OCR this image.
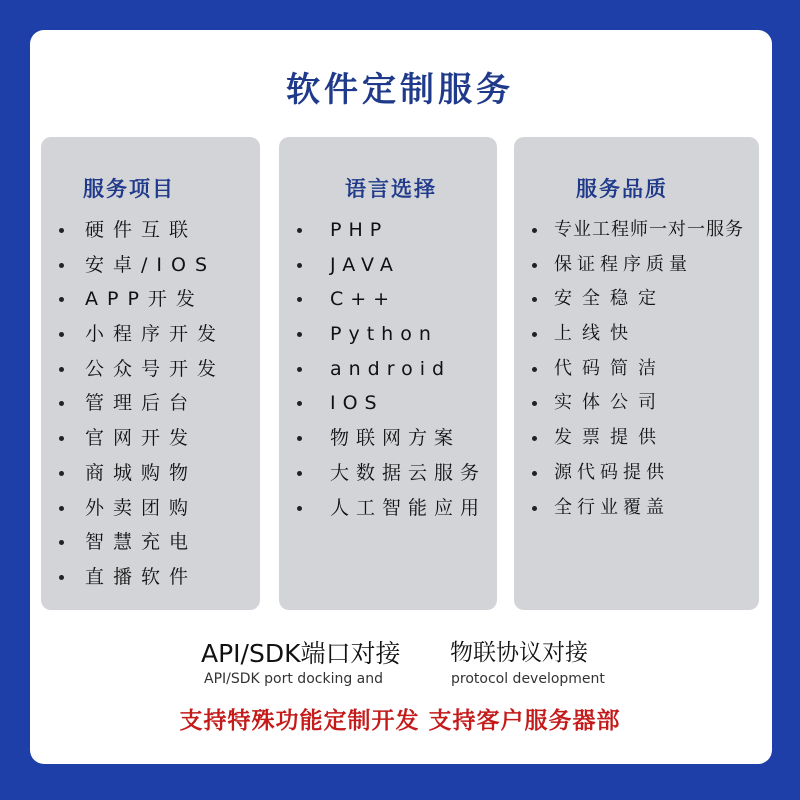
软件定制服务
服务项目
硬件互联
安卓/IOS
APP开发
小程序开发
公众号开发
管理后台
官网开发
商城购物
外卖团购
智慧充电
直播软件
语言选择
PHP
JAVA
C++
Python
android
IOS
物联网方案
大数据云服务
人工智能应用
服务品质
专业工程师一对一服务
保证程序质量
安全稳定
上线快
代码简洁
实体公司
发票提供
源代码提供
全行业覆盖
API/SDK端口对接
API/SDK port docking and
物联协议对接
protocol development
支持特殊功能定制开发 支持客户服务器部
